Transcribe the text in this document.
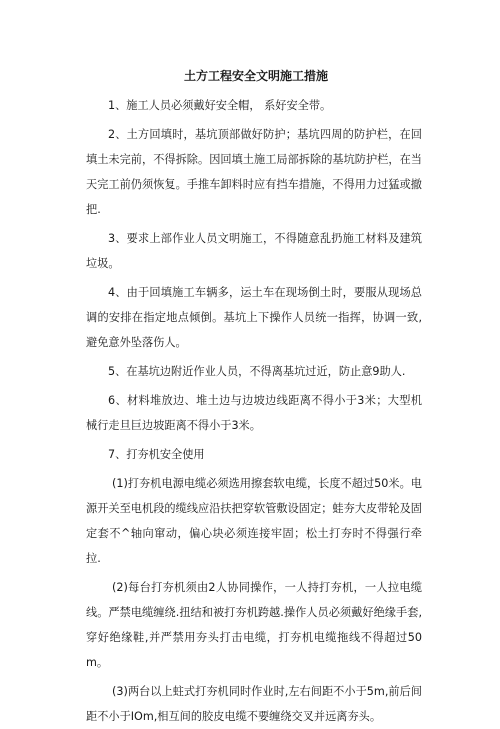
土方工程安全文明施工措施

1、施工人员必须戴好安全帽， 系好安全带。

2、土方回填时，基坑顶部做好防护；基坑四周的防护栏，在回填土未完前，不得拆除。因回填土施工局部拆除的基坑防护栏，在当天完工前仍须恢复。手推车卸料时应有挡车措施，不得用力过猛或撤把.

3、要求上部作业人员文明施工，不得随意乱扔施工材料及建筑垃圾。

4、由于回填施工车辆多，运土车在现场倒土时，要服从现场总调的安排在指定地点倾倒。基坑上下操作人员统一指挥，协调一致,避免意外坠落伤人。

5、在基坑边附近作业人员，不得离基坑过近，防止意9助人.

6、材料堆放边、堆土边与边坡边线距离不得小于3米；大型机械行走旦巨边坡距离不得小于3米。

7、打夯机安全使用

(1)打夯机电源电缆必须选用擦套软电缆，长度不超过50米。电源开关至电机段的缆线应沿扶把穿软管敷设固定；蛙夯大皮带轮及固定套不^轴向窜动，偏心块必须连接牢固；松土打夯时不得强行牵拉.

(2)每台打夯机须由2人协同操作，一人持打夯机，一人拉电缆线。严禁电缆缠绕.扭结和被打夯机跨越.操作人员必须戴好绝缘手套,穿好绝缘鞋,并严禁用夯头打击电缆，打夯机电缆拖线不得超过50m。

(3)两台以上蛀式打夯机同时作业时,左右间距不小于5m,前后间距不小于IOm,相互间的胶皮电缆不要缠绕交叉并远离夯头。
